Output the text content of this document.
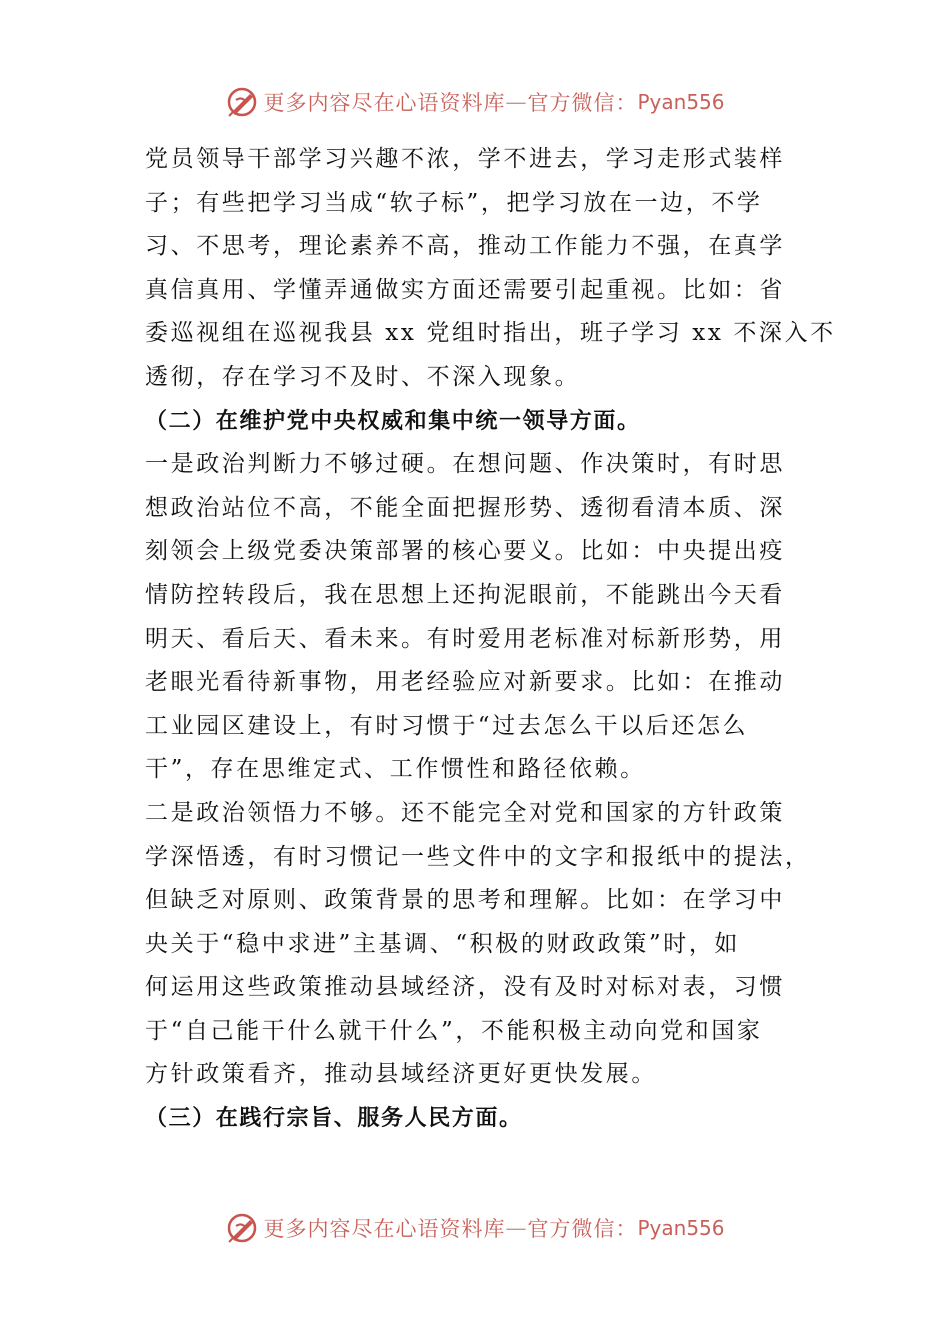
更多内容尽在心语资料库 — 官方微信： Pyan556
党员领导干部学习兴趣不浓，学不进去，学习走形式装样
子；有些把学习当成“软子标”，把学习放在一边，不学
习、不思考，理论素养不高，推动工作能力不强，在真学
真信真用、学懂弄通做实方面还需要引起重视。比如：省
委巡视组在巡视我县 xx 党组时指出，班子学习 xx 不深入不
透彻，存在学习不及时、不深入现象。
（二）在维护党中央权威和集中统一领导方面。
一是政治判断力不够过硬。在想问题、作决策时，有时思
想政治站位不高，不能全面把握形势、透彻看清本质、深
刻领会上级党委决策部署的核心要义。比如：中央提出疫
情防控转段后，我在思想上还拘泥眼前，不能跳出今天看
明天、看后天、看未来。有时爱用老标准对标新形势，用
老眼光看待新事物，用老经验应对新要求。比如：在推动
工业园区建设上，有时习惯于“过去怎么干以后还怎么
干”，存在思维定式、工作惯性和路径依赖。
二是政治领悟力不够。还不能完全对党和国家的方针政策
学深悟透，有时习惯记一些文件中的文字和报纸中的提法，
但缺乏对原则、政策背景的思考和理解。比如：在学习中
央关于“稳中求进”主基调、“积极的财政政策”时，如
何运用这些政策推动县域经济，没有及时对标对表，习惯
于“自己能干什么就干什么”，不能积极主动向党和国家
方针政策看齐，推动县域经济更好更快发展。
（三）在践行宗旨、服务人民方面。
更多内容尽在心语资料库 — 官方微信： Pyan556
